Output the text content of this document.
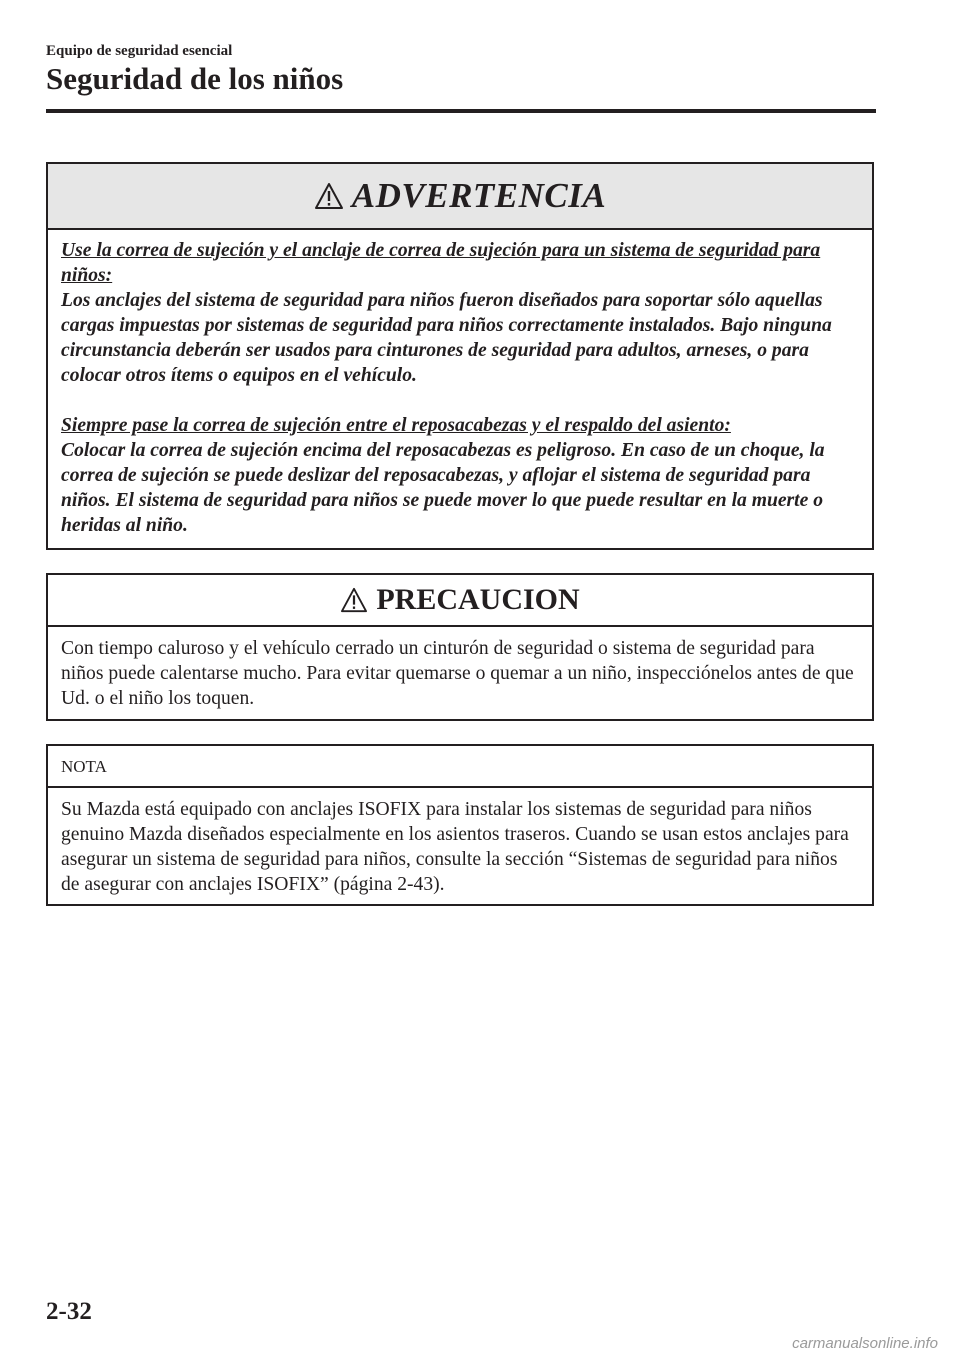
Equipo de seguridad esencial

Seguridad de los niños
ADVERTENCIA

Use la correa de sujeción y el anclaje de correa de sujeción para un sistema de seguridad para niños:
Los anclajes del sistema de seguridad para niños fueron diseñados para soportar sólo aquellas cargas impuestas por sistemas de seguridad para niños correctamente instalados. Bajo ninguna circunstancia deberán ser usados para cinturones de seguridad para adultos, arneses, o para colocar otros ítems o equipos en el vehículo.

Siempre pase la correa de sujeción entre el reposacabezas y el respaldo del asiento:
Colocar la correa de sujeción encima del reposacabezas es peligroso. En caso de un choque, la correa de sujeción se puede deslizar del reposacabezas, y aflojar el sistema de seguridad para niños. El sistema de seguridad para niños se puede mover lo que puede resultar en la muerte o heridas al niño.

PRECAUCION

Con tiempo caluroso y el vehículo cerrado un cinturón de seguridad o sistema de seguridad para niños puede calentarse mucho. Para evitar quemarse o quemar a un niño, inspecciónelos antes de que Ud. o el niño los toquen.

NOTA

Su Mazda está equipado con anclajes ISOFIX para instalar los sistemas de seguridad para niños genuino Mazda diseñados especialmente en los asientos traseros. Cuando se usan estos anclajes para asegurar un sistema de seguridad para niños, consulte la sección “Sistemas de seguridad para niños de asegurar con anclajes ISOFIX” (página 2-43).

2-32

carmanualsonline.info
